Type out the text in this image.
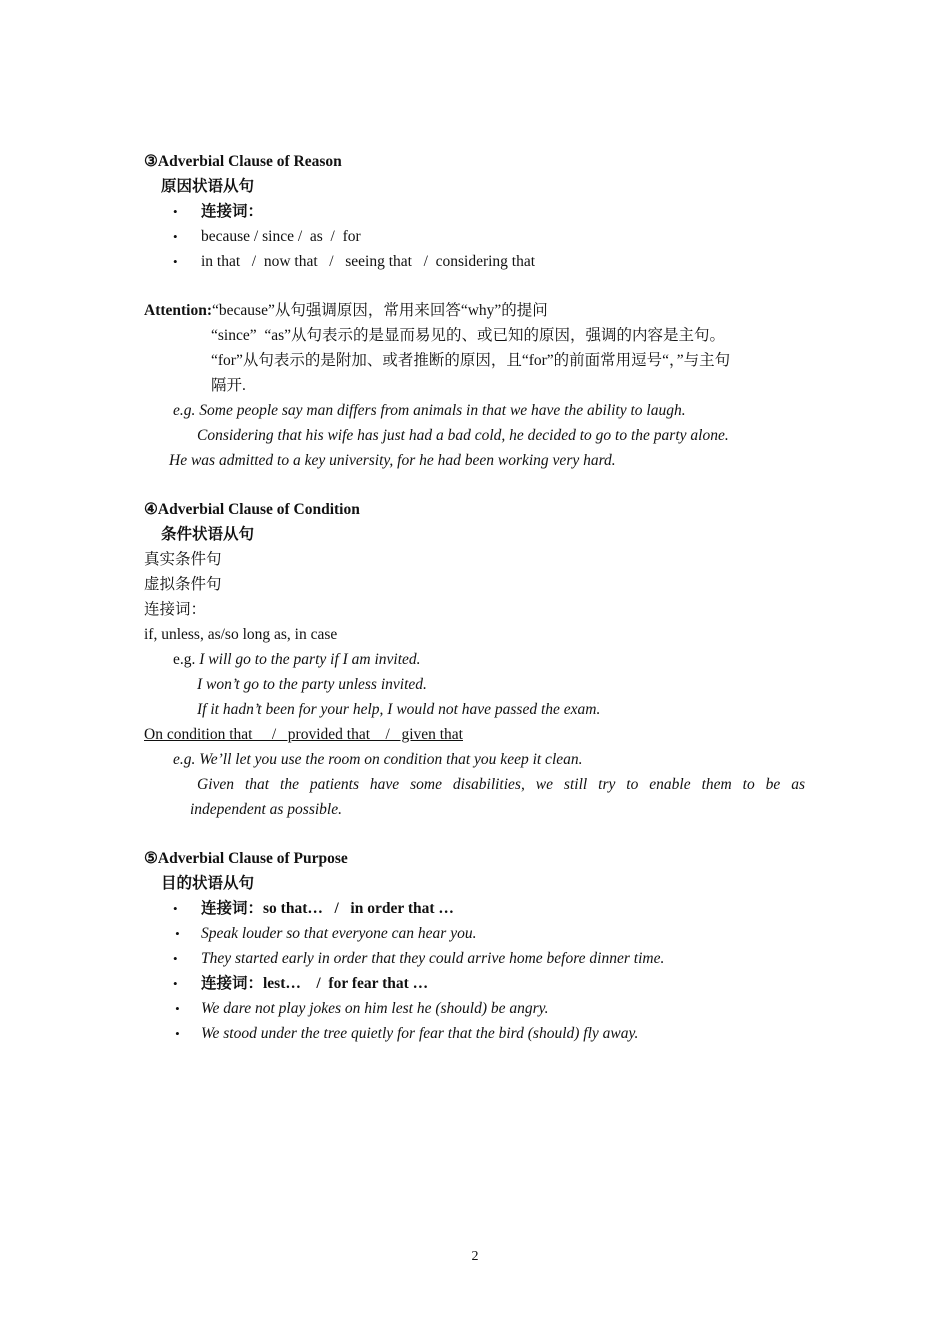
③Adverbial Clause of Reason
原因状语从句
• 连接词：
• because / since /  as  /  for
• in that   /  now that   /   seeing that   /  considering that
Attention:“because”从句强调原因，常用来回答“why”的提问
“since”  “as”从句表示的是显而易见的、或已知的原因，强调的内容是主句。
“for”从句表示的是附加、或者推断的原因，且“for”的前面常用逗号“，”与主句
隔开.
e.g. Some people say man differs from animals in that we have the ability to laugh.
Considering that his wife has just had a bad cold, he decided to go to the party alone.
He was admitted to a key university, for he had been working very hard.
④Adverbial Clause of Condition
条件状语从句
真实条件句
虚拟条件句
连接词：
if, unless, as/so long as, in case
e.g. I will go to the party if I am invited.
I won’t go to the party unless invited.
If it hadn’t been for your help, I would not have passed the exam.
On condition that     /   provided that    /   given that
e.g. We’ll let you use the room on condition that you keep it clean.
Given that the patients have some disabilities, we still try to enable them to be as
independent as possible.
⑤Adverbial Clause of Purpose
目的状语从句
• 连接词：so that…   /   in order that …
• Speak louder so that everyone can hear you.
• They started early in order that they could arrive home before dinner time.
• 连接词：lest…    /  for fear that …
• We dare not play jokes on him lest he (should) be angry.
• We stood under the tree quietly for fear that the bird (should) fly away.
2
